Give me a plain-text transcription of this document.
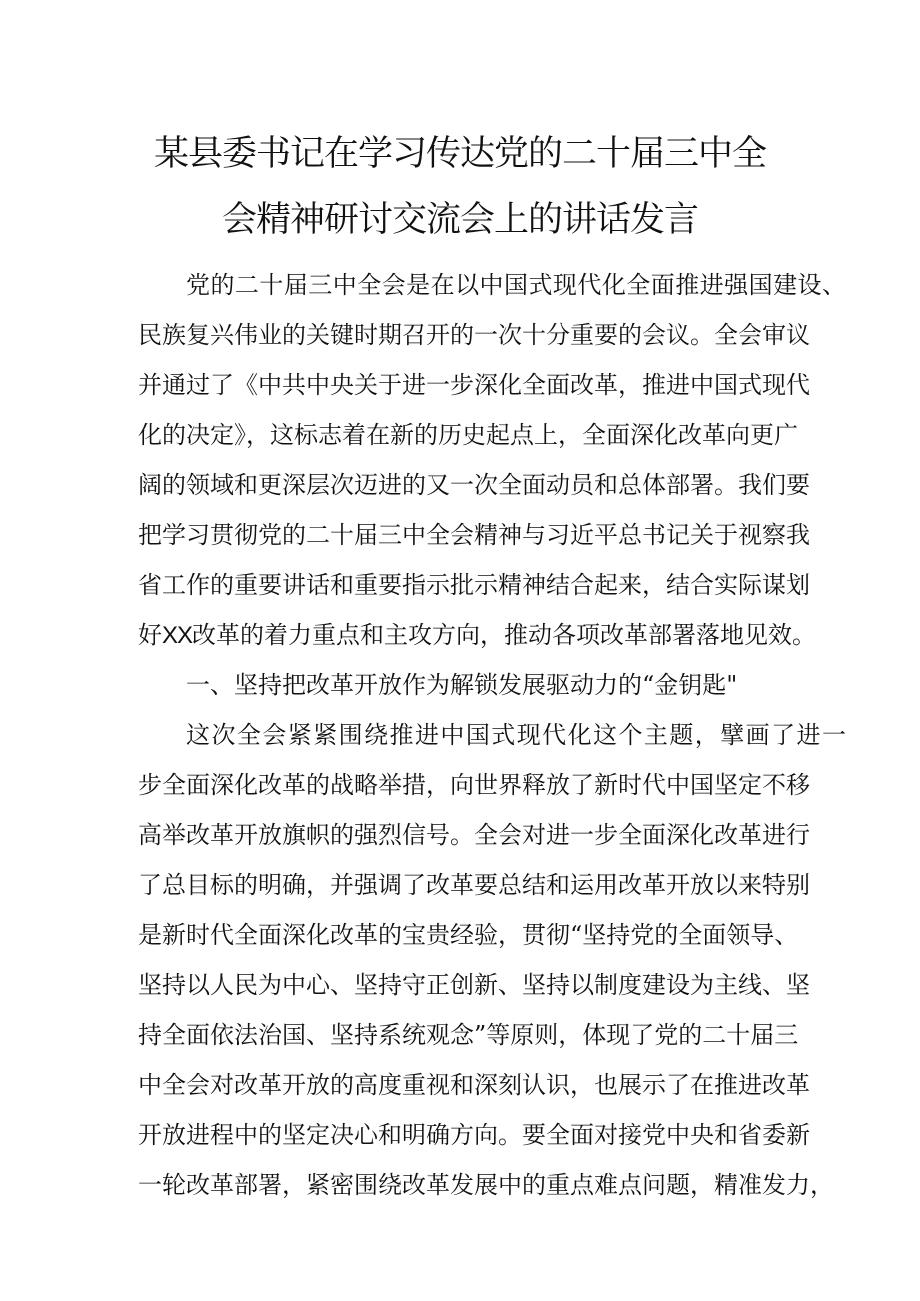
某县委书记在学习传达党的二十届三中全
会精神研讨交流会上的讲话发言
党的二十届三中全会是在以中国式现代化全面推进强国建设、
民族复兴伟业的关键时期召开的一次十分重要的会议。全会审议
并通过了《中共中央关于进一步深化全面改革，推进中国式现代
化的决定》，这标志着在新的历史起点上，全面深化改革向更广
阔的领域和更深层次迈进的又一次全面动员和总体部署。我们要
把学习贯彻党的二十届三中全会精神与习近平总书记关于视察我
省工作的重要讲话和重要指示批示精神结合起来，结合实际谋划
好XX改革的着力重点和主攻方向，推动各项改革部署落地见效。
一、坚持把改革开放作为解锁发展驱动力的“金钥匙"
这次全会紧紧围绕推进中国式现代化这个主题，擘画了进一
步全面深化改革的战略举措，向世界释放了新时代中国坚定不移
高举改革开放旗帜的强烈信号。全会对进一步全面深化改革进行
了总目标的明确，并强调了改革要总结和运用改革开放以来特别
是新时代全面深化改革的宝贵经验，贯彻“坚持党的全面领导、
坚持以人民为中心、坚持守正创新、坚持以制度建设为主线、坚
持全面依法治国、坚持系统观念”等原则，体现了党的二十届三
中全会对改革开放的高度重视和深刻认识，也展示了在推进改革
开放进程中的坚定决心和明确方向。要全面对接党中央和省委新
一轮改革部署，紧密围绕改革发展中的重点难点问题，精准发力，
